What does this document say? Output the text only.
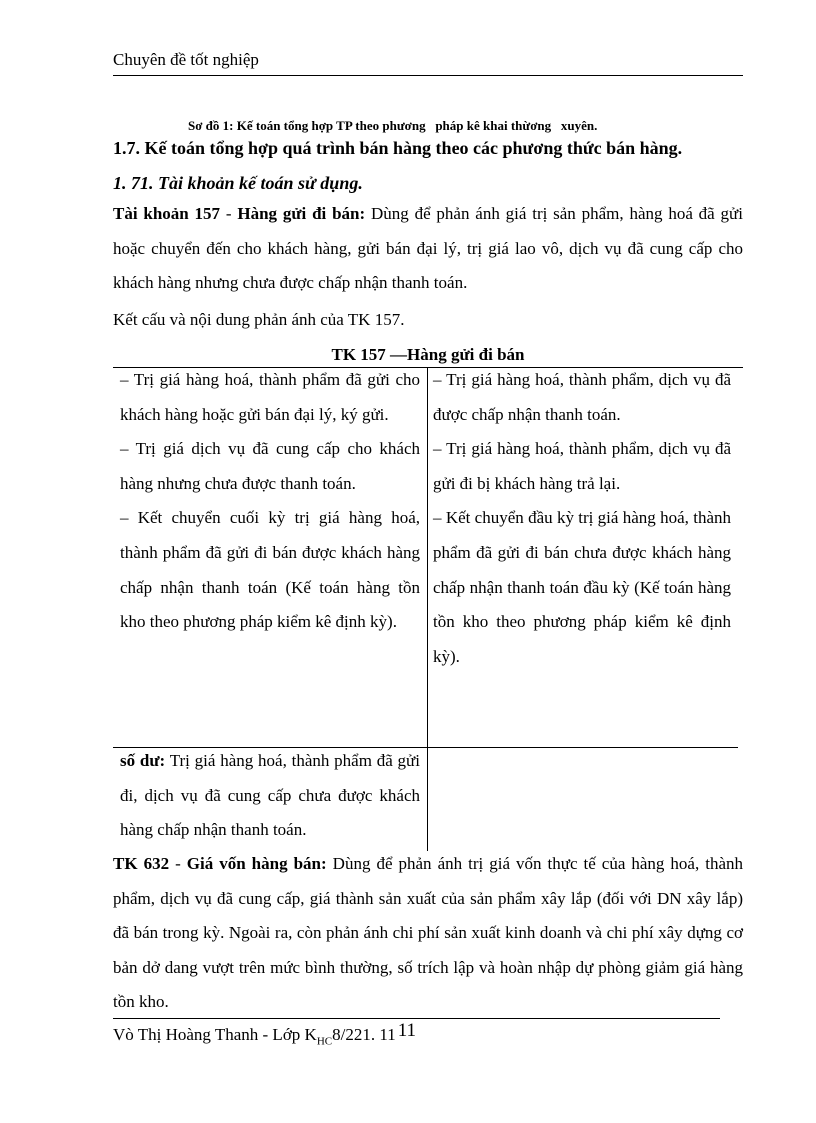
Chuyên đề tốt nghiệp
Sơ đồ 1: Kế toán tổng hợp TP theo phương   pháp kê khai thừơng   xuyên.
1.7. Kế toán tổng hợp quá trình bán hàng theo các phương thức bán hàng.
1. 71. Tài khoản kế toán sử dụng.
Tài khoản 157 - Hàng gửi đi bán: Dùng để phản ánh giá trị sản phẩm, hàng hoá đã gửi hoặc chuyển đến cho khách hàng, gửi bán đại lý, trị giá lao vô, dịch vụ đã cung cấp cho khách hàng nhưng chưa được chấp nhận thanh toán.
Kết cấu và nội dung phản ánh của TK 157.
TK 157 —Hàng gửi đi bán

– Trị giá hàng hoá, thành phẩm đã gửi cho khách hàng hoặc gửi bán đại lý, ký gửi.

– Trị giá dịch vụ đã cung cấp cho khách hàng nhưng chưa được thanh toán.

– Kết chuyển cuối kỳ trị giá hàng hoá, thành phẩm đã gửi đi bán được khách hàng chấp nhận thanh toán (Kế toán hàng tồn kho theo phương pháp kiểm kê định kỳ).

– Trị giá hàng hoá, thành phẩm, dịch vụ đã được chấp nhận thanh toán.

– Trị giá hàng hoá, thành phẩm, dịch vụ đã gửi đi bị khách hàng trả lại.

– Kết chuyển đầu kỳ trị giá hàng hoá, thành phẩm đã gửi đi bán chưa được khách hàng chấp nhận thanh toán đầu kỳ (Kế toán hàng tồn kho theo phương pháp kiểm kê định kỳ).

số dư: Trị giá hàng hoá, thành phẩm đã gửi đi, dịch vụ đã cung cấp chưa được khách hàng chấp nhận thanh toán.
TK 632 - Giá vốn hàng bán: Dùng để phản ánh trị giá vốn thực tế của hàng hoá, thành phẩm, dịch vụ đã cung cấp, giá thành sản xuất của sản phẩm xây lắp (đối với DN xây lắp) đã bán trong kỳ. Ngoài ra, còn phản ánh chi phí sản xuất kinh doanh và chi phí xây dựng cơ bản dở dang vượt trên mức bình thường, số trích lập và hoàn nhập dự phòng giảm giá hàng tồn kho.
Vò Thị Hoàng Thanh - Lớp $K_{HC}8/221$. 11 11
